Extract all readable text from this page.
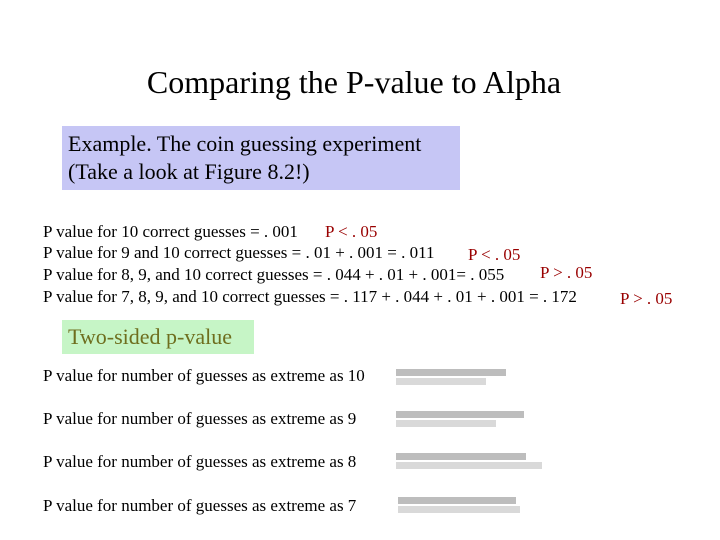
Comparing the P-value to Alpha
Example. The coin guessing experiment
(Take a look at Figure 8.2!)
P value for 10 correct guesses = . 001 P < . 05
P value for 9 and 10 correct guesses = . 01 + . 001 = . 011 P < . 05
P value for 8, 9, and 10 correct guesses = . 044 + . 01 + . 001= . 055 P > . 05
P value for 7, 8, 9, and 10 correct guesses = . 117 + . 044 + . 01 + . 001 = . 172	P > . 05
Two-sided p-value
P value for number of guesses as extreme as 10
P value for number of guesses as extreme as 9
P value for number of guesses as extreme as 8
P value for number of guesses as extreme as 7
